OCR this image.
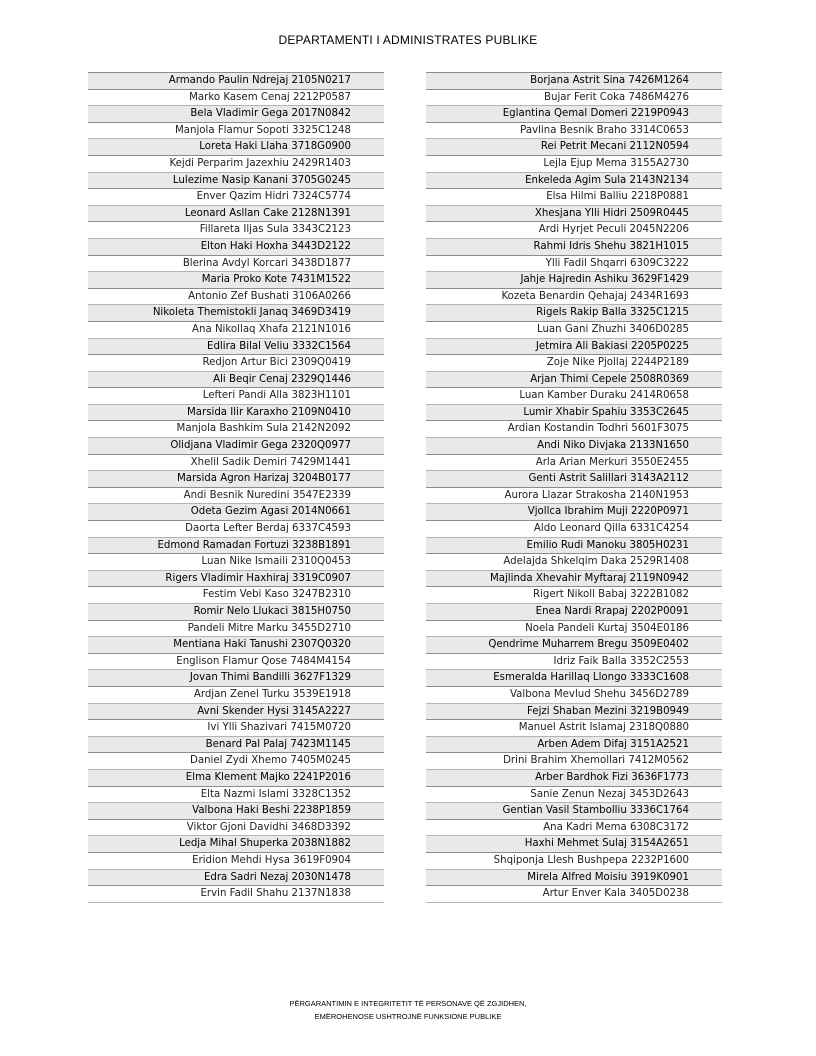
DEPARTAMENTI I ADMINISTRATES PUBLIKE
Armando Paulin Ndrejaj 2105N0217
Marko Kasem Cenaj 2212P0587
Bela Vladimir Gega 2017N0842
Manjola Flamur Sopoti 3325C1248
Loreta Haki Llaha 3718G0900
Kejdi Perparim Jazexhiu 2429R1403
Lulezime Nasip Kanani 3705G0245
Enver Qazim Hidri 7324C5774
Leonard Asllan Cake 2128N1391
Fillareta Iljas Sula 3343C2123
Elton Haki Hoxha 3443D2122
Blerina Avdyl Korcari 3438D1877
Maria Proko Kote 7431M1522
Antonio Zef Bushati 3106A0266
Nikoleta Themistokli Janaq 3469D3419
Ana Nikollaq Xhafa 2121N1016
Edlira Bilal Veliu 3332C1564
Redjon Artur Bici 2309Q0419
Ali Beqir Cenaj 2329Q1446
Lefteri Pandi Alla 3823H1101
Marsida Ilir Karaxho 2109N0410
Manjola Bashkim Sula 2142N2092
Olidjana Vladimir Gega 2320Q0977
Xhelil Sadik Demiri 7429M1441
Marsida Agron Harizaj 3204B0177
Andi Besnik Nuredini 3547E2339
Odeta Gezim Agasi 2014N0661
Daorta Lefter Berdaj 6337C4593
Edmond Ramadan Fortuzi 3238B1891
Luan Nike Ismaili 2310Q0453
Rigers Vladimir Haxhiraj 3319C0907
Festim Vebi Kaso 3247B2310
Romir Nelo Llukaci 3815H0750
Pandeli Mitre Marku 3455D2710
Mentiana Haki Tanushi 2307Q0320
Englison Flamur Qose 7484M4154
Jovan Thimi Bandilli 3627F1329
Ardjan Zenel Turku 3539E1918
Avni Skender Hysi 3145A2227
Ivi Ylli Shazivari 7415M0720
Benard Pal Palaj 7423M1145
Daniel Zydi Xhemo 7405M0245
Elma Klement Majko 2241P2016
Elta Nazmi Islami 3328C1352
Valbona Haki Beshi 2238P1859
Viktor Gjoni Davidhi 3468D3392
Ledja Mihal Shuperka 2038N1882
Eridion Mehdi Hysa 3619F0904
Edra Sadri Nezaj 2030N1478
Ervin Fadil Shahu 2137N1838
Borjana Astrit Sina 7426M1264
Bujar Ferit Coka 7486M4276
Eglantina Qemal Domeri 2219P0943
Pavlina Besnik Braho 3314C0653
Rei Petrit Mecani 2112N0594
Lejla Ejup Mema 3155A2730
Enkeleda Agim Sula 2143N2134
Elsa Hilmi Balliu 2218P0881
Xhesjana Ylli Hidri 2509R0445
Ardi Hyrjet Peculi 2045N2206
Rahmi Idris Shehu 3821H1015
Ylli Fadil Shqarri 6309C3222
Jahje Hajredin Ashiku 3629F1429
Kozeta Benardin Qehajaj 2434R1693
Rigels Rakip Balla 3325C1215
Luan Gani Zhuzhi 3406D0285
Jetmira Ali Bakiasi 2205P0225
Zoje Nike Pjollaj 2244P2189
Arjan Thimi Cepele 2508R0369
Luan Kamber Duraku 2414R0658
Lumir Xhabir Spahiu 3353C2645
Ardian Kostandin Todhri 5601F3075
Andi Niko Divjaka 2133N1650
Arla Arian Merkuri 3550E2455
Genti Astrit Salillari 3143A2112
Aurora Llazar Strakosha 2140N1953
Vjollca Ibrahim Muji 2220P0971
Aldo Leonard Qilla 6331C4254
Emilio Rudi Manoku 3805H0231
Adelajda Shkelqim Daka 2529R1408
Majlinda Xhevahir Myftaraj 2119N0942
Rigert Nikoll Babaj 3222B1082
Enea Nardi Rrapaj 2202P0091
Noela Pandeli Kurtaj 3504E0186
Qendrime Muharrem Bregu 3509E0402
Idriz Faik Balla 3352C2553
Esmeralda Harillaq Llongo 3333C1608
Valbona Mevlud Shehu 3456D2789
Fejzi Shaban Mezini 3219B0949
Manuel Astrit Islamaj 2318Q0880
Arben Adem Difaj 3151A2521
Drini Brahim Xhemollari 7412M0562
Arber Bardhok Fizi 3636F1773
Sanie Zenun Nezaj 3453D2643
Gentian Vasil Stambolliu 3336C1764
Ana Kadri Mema 6308C3172
Haxhi Mehmet Sulaj 3154A2651
Shqiponja Llesh Bushpepa 2232P1600
Mirela Alfred Moisiu 3919K0901
Artur Enver Kala 3405D0238
PËRGARANTIMIN E INTEGRITETIT TË PERSONAVE QË ZGJIDHEN,
EMËROHENOSE USHTROJNË FUNKSIONE PUBLIKE
